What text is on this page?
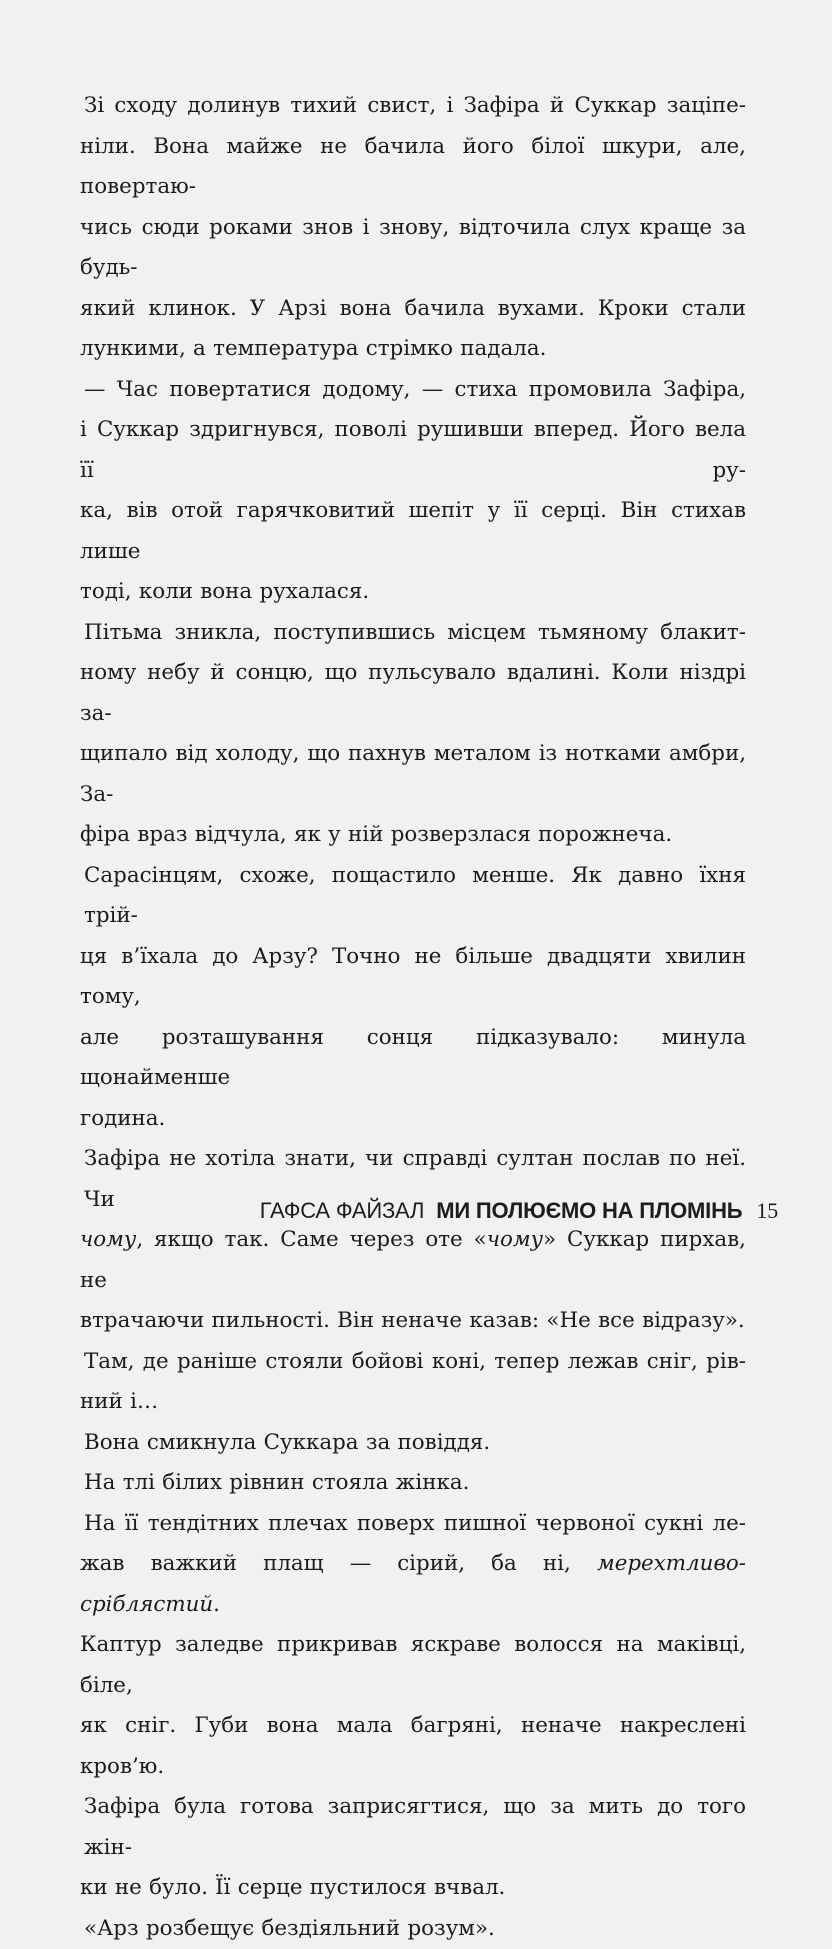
Зі сходу долинув тихий свист, і Зафіра й Суккар заціпе-
ніли. Вона майже не бачила його білої шкури, але, повертаю-
чись сюди роками знов і знову, відточила слух краще за будь-
який клинок. У Арзі вона бачила вухами. Кроки стали
лункими, а температура стрімко падала.

— Час повертатися додому, — стиха промовила Зафіра,
і Суккар здригнувся, поволі рушивши вперед. Його вела її ру-
ка, вів отой гарячковитий шепіт у її серці. Він стихав лише
тоді, коли вона рухалася.

Пітьма зникла, поступившись місцем тьмяному блакит-
ному небу й сонцю, що пульсувало вдалині. Коли ніздрі за-
щипало від холоду, що пахнув металом із нотками амбри, За-
фіра враз відчула, як у ній розверзлася порожнеча.

Сарасінцям, схоже, пощастило менше. Як давно їхня трій-
ця в’їхала до Арзу? Точно не більше двадцяти хвилин тому,
але розташування сонця підказувало: минула щонайменше
година.

Зафіра не хотіла знати, чи справді султан послав по неї. Чи
чому, якщо так. Саме через оте «чому» Суккар пирхав, не
втрачаючи пильності. Він неначе казав: «Не все відразу».

Там, де раніше стояли бойові коні, тепер лежав сніг, рів-
ний і…

Вона смикнула Суккара за повіддя.

На тлі білих рівнин стояла жінка.

На її тендітних плечах поверх пишної червоної сукні ле-
жав важкий плащ — сірий, ба ні, мерехтливо-сріблястий.
Каптур заледве прикривав яскраве волосся на маківці, біле,
як сніг. Губи вона мала багряні, неначе накреслені кров’ю.

Зафіра була готова заприсягтися, що за мить до того жін-
ки не було. Її серце пустилося вчвал.

«Арз розбещує бездіяльний розум».

ГАФСА ФАЙЗАЛ МИ ПОЛЮЄМО НА ПЛОМІНЬ 15
